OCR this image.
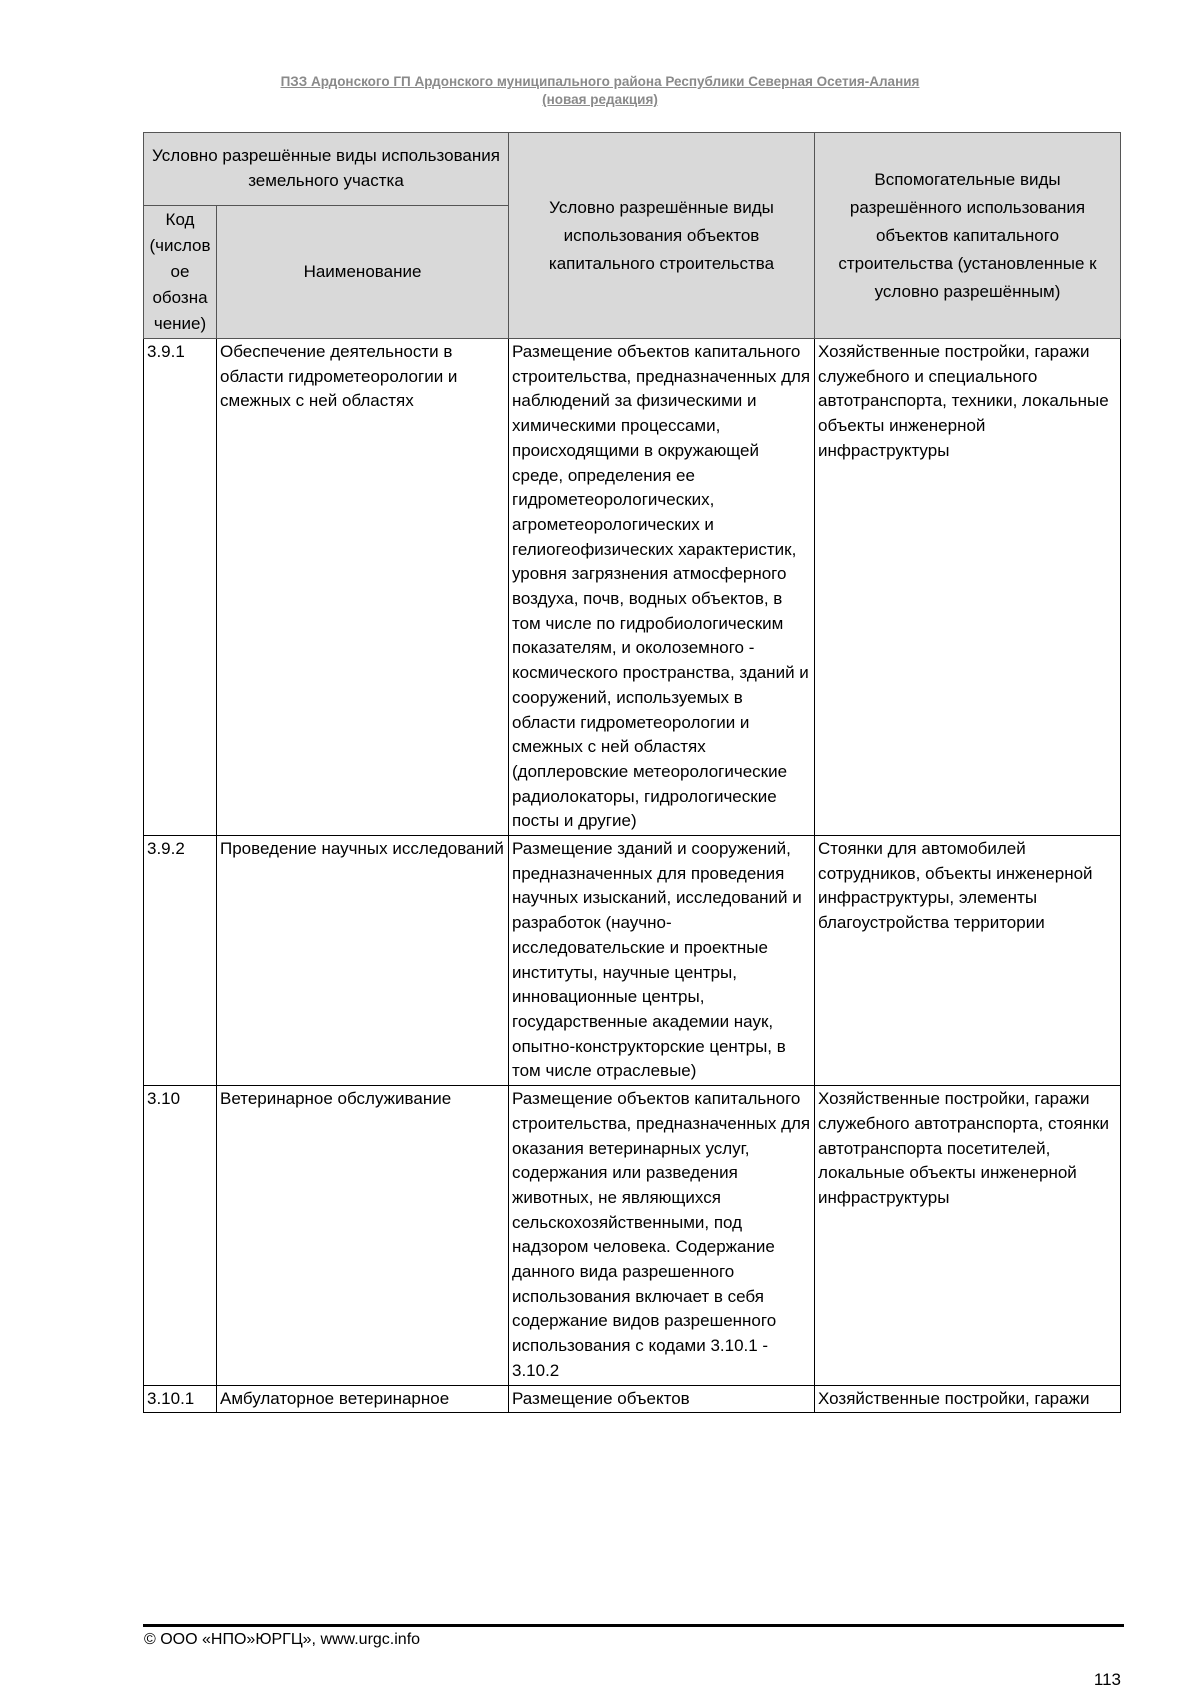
ПЗЗ Ардонского ГП Ардонского муниципального района Республики Северная Осетия-Алания
(новая редакция)
Условно разрешённые виды использования земельного участка		Условно разрешённые виды использования объектов капитального строительства	Вспомогательные виды разрешённого использования объектов капитального строительства (установленные к условно разрешённым)
Код (числов ое обозна чение)	Наименование		
3.9.1	Обеспечение деятельности в области гидрометеорологии и смежных с ней областях	Размещение объектов капитального строительства, предназначенных для наблюдений за физическими и химическими процессами, происходящими в окружающей среде, определения ее гидрометеорологических, агрометеорологических и гелиогеофизических характеристик, уровня загрязнения атмосферного воздуха, почв, водных объектов, в том числе по гидробиологическим показателям, и околоземного - космического пространства, зданий и сооружений, используемых в области гидрометеорологии и смежных с ней областях (доплеровские метеорологические радиолокаторы, гидрологические посты и другие)	Хозяйственные постройки, гаражи служебного и специального автотранспорта, техники, локальные объекты инженерной инфраструктуры
3.9.2	Проведение научных исследований	Размещение зданий и сооружений, предназначенных для проведения научных изысканий, исследований и разработок (научно-исследовательские и проектные институты, научные центры, инновационные центры, государственные академии наук, опытно-конструкторские центры, в том числе отраслевые)	Стоянки для автомобилей сотрудников, объекты инженерной инфраструктуры, элементы благоустройства территории
3.10	Ветеринарное обслуживание	Размещение объектов капитального строительства, предназначенных для оказания ветеринарных услуг, содержания или разведения животных, не являющихся сельскохозяйственными, под надзором человека. Содержание данного вида разрешенного использования включает в себя содержание видов разрешенного использования с кодами 3.10.1 - 3.10.2	Хозяйственные постройки, гаражи служебного автотранспорта, стоянки автотранспорта посетителей, локальные объекты инженерной инфраструктуры
3.10.1	Амбулаторное ветеринарное	Размещение объектов	Хозяйственные постройки, гаражи
© ООО «НПО»ЮРГЦ», www.urgc.info
113
